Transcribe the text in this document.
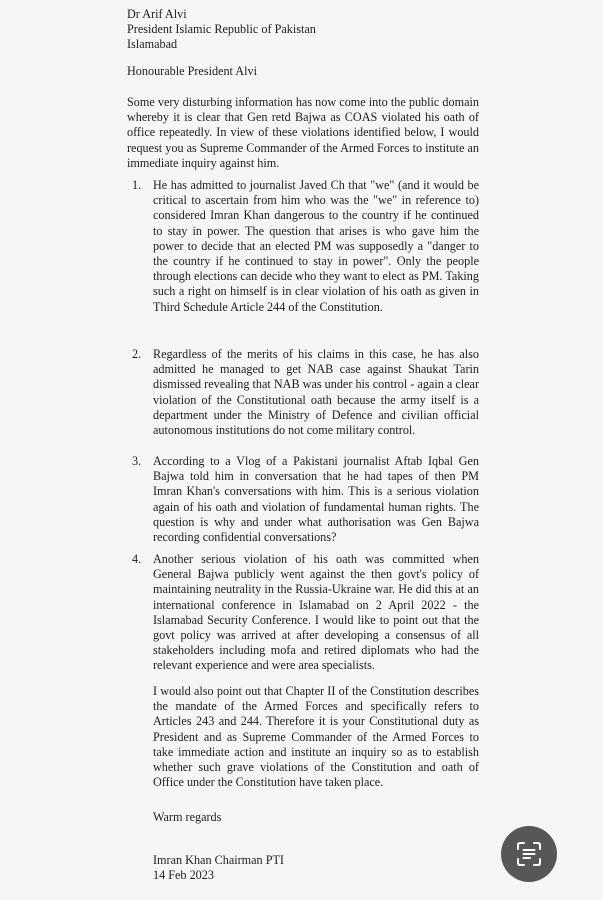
Dr Arif Alvi
President Islamic Republic of Pakistan
Islamabad
Honourable President Alvi
Some very disturbing information has now come into the public domain whereby it is clear that Gen retd Bajwa as COAS violated his oath of office repeatedly. In view of these violations identified below, I would request you as Supreme Commander of the Armed Forces to institute an immediate inquiry against him.
1. He has admitted to journalist Javed Ch that "we" (and it would be critical to ascertain from him who was the "we" in reference to) considered Imran Khan dangerous to the country if he continued to stay in power. The question that arises is who gave him the power to decide that an elected PM was supposedly a "danger to the country if he continued to stay in power". Only the people through elections can decide who they want to elect as PM. Taking such a right on himself is in clear violation of his oath as given in Third Schedule Article 244 of the Constitution.
2. Regardless of the merits of his claims in this case, he has also admitted he managed to get NAB case against Shaukat Tarin dismissed revealing that NAB was under his control - again a clear violation of the Constitutional oath because the army itself is a department under the Ministry of Defence and civilian official autonomous institutions do not come military control.
3. According to a Vlog of a Pakistani journalist Aftab Iqbal Gen Bajwa told him in conversation that he had tapes of then PM Imran Khan's conversations with him. This is a serious violation again of his oath and violation of fundamental human rights. The question is why and under what authorisation was Gen Bajwa recording confidential conversations?
4. Another serious violation of his oath was committed when General Bajwa publicly went against the then govt's policy of maintaining neutrality in the Russia-Ukraine war. He did this at an international conference in Islamabad on 2 April 2022 - the Islamabad Security Conference. I would like to point out that the govt policy was arrived at after developing a consensus of all stakeholders including mofa and retired diplomats who had the relevant experience and were area specialists.
I would also point out that Chapter II of the Constitution describes the mandate of the Armed Forces and specifically refers to Articles 243 and 244. Therefore it is your Constitutional duty as President and as Supreme Commander of the Armed Forces to take immediate action and institute an inquiry so as to establish whether such grave violations of the Constitution and oath of Office under the Constitution have taken place.
Warm regards
Imran Khan Chairman PTI
14 Feb 2023
